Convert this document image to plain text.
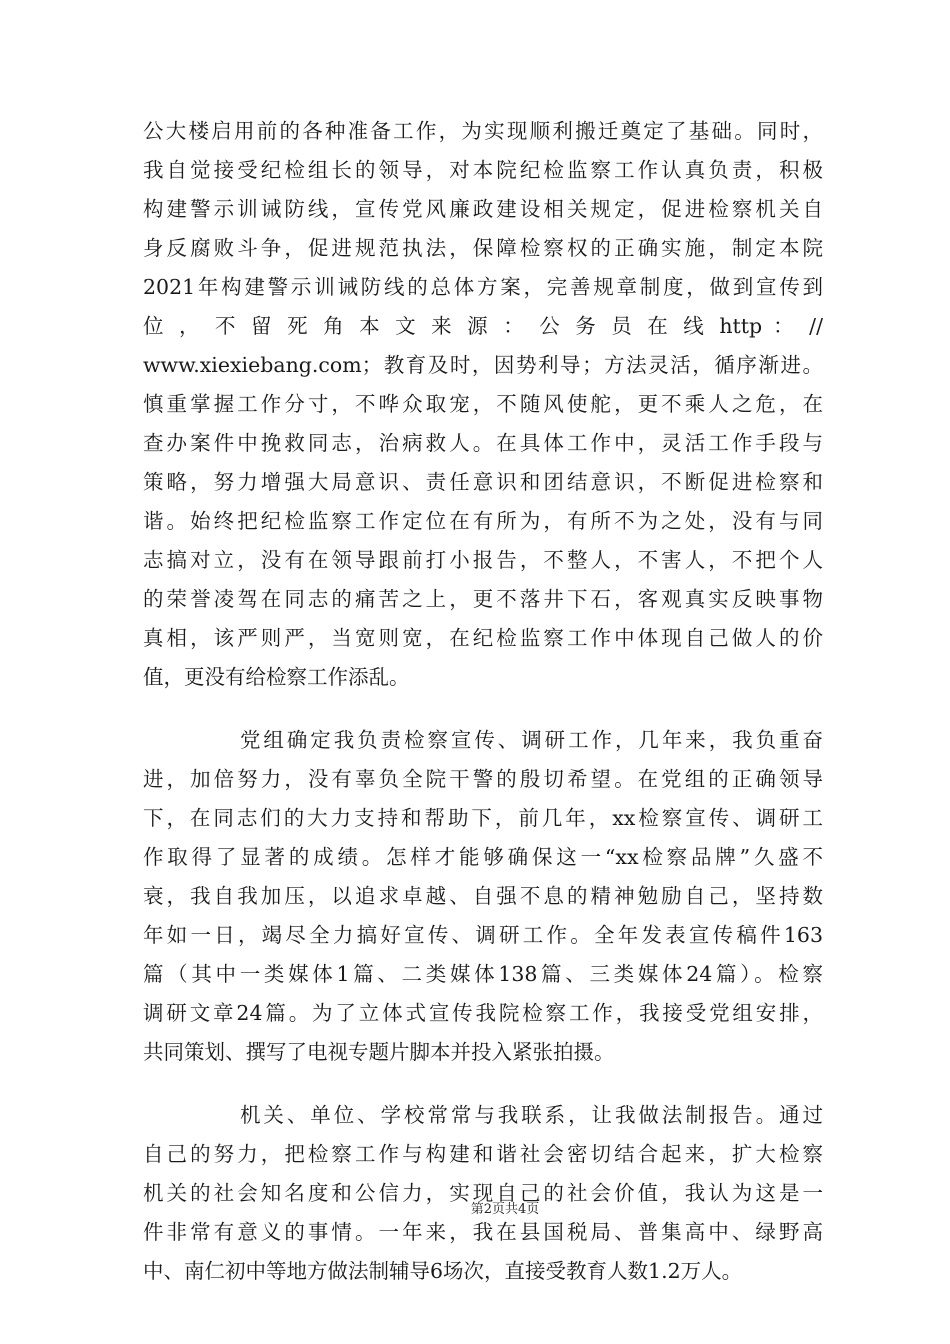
公大楼启用前的各种准备工作，为实现顺利搬迁奠定了基础。同时，
我自觉接受纪检组长的领导，对本院纪检监察工作认真负责，积极
构建警示训诫防线，宣传党风廉政建设相关规定，促进检察机关自
身反腐败斗争，促进规范执法，保障检察权的正确实施，制定本院
2021年构建警示训诫防线的总体方案，完善规章制度，做到宣传到
位 ， 不 留 死 角 本 文 来 源 ： 公 务 员 在 线 http ： //
www.xiexiebang.com；教育及时，因势利导；方法灵活，循序渐进。
慎重掌握工作分寸，不哗众取宠，不随风使舵，更不乘人之危，在
查办案件中挽救同志，治病救人。在具体工作中，灵活工作手段与
策略，努力增强大局意识、责任意识和团结意识，不断促进检察和
谐。始终把纪检监察工作定位在有所为，有所不为之处，没有与同
志搞对立，没有在领导跟前打小报告，不整人，不害人，不把个人
的荣誉凌驾在同志的痛苦之上，更不落井下石，客观真实反映事物
真相，该严则严，当宽则宽，在纪检监察工作中体现自己做人的价
值，更没有给检察工作添乱。
党组确定我负责检察宣传、调研工作，几年来，我负重奋
进，加倍努力，没有辜负全院干警的殷切希望。在党组的正确领导
下，在同志们的大力支持和帮助下，前几年，xx检察宣传、调研工
作取得了显著的成绩。怎样才能够确保这一“xx检察品牌”久盛不
衰，我自我加压，以追求卓越、自强不息的精神勉励自己，坚持数
年如一日，竭尽全力搞好宣传、调研工作。全年发表宣传稿件163
篇（其中一类媒体1篇、二类媒体138篇、三类媒体24篇）。检察
调研文章24篇。为了立体式宣传我院检察工作，我接受党组安排，
共同策划、撰写了电视专题片脚本并投入紧张拍摄。
机关、单位、学校常常与我联系，让我做法制报告。通过
自己的努力，把检察工作与构建和谐社会密切结合起来，扩大检察
机关的社会知名度和公信力，实现自己的社会价值，我认为这是一
件非常有意义的事情。一年来，我在县国税局、普集高中、绿野高
中、南仁初中等地方做法制辅导6场次，直接受教育人数1.2万人。
第2页共4页
